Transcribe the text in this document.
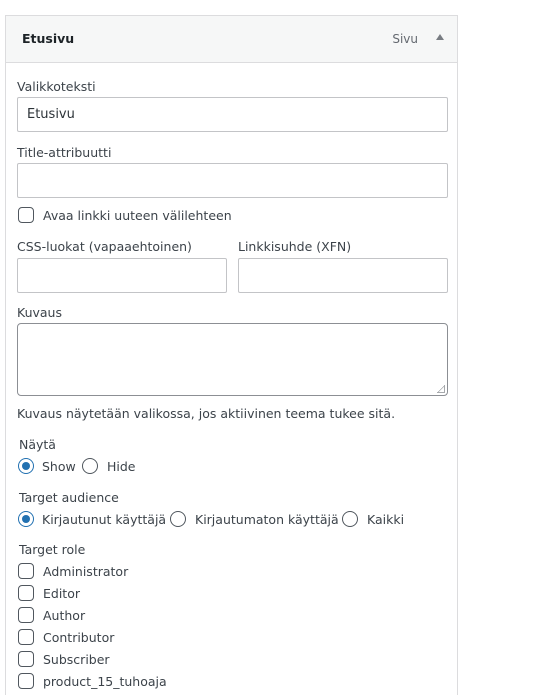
Etusivu	Sivu
Valikkoteksti
Etusivu
Title-attribuutti
Avaa linkki uuteen välilehteen
CSS-luokat (vapaaehtoinen)	Linkkisuhde (XFN)
Kuvaus
Kuvaus näytetään valikossa, jos aktiivinen teema tukee sitä.
Näytä
Show	Hide
Target audience
Kirjautunut käyttäjä Kirjautumaton käyttäjä Kaikki
Target role
Administrator
Editor
Author
Contributor
Subscriber
product_15_tuhoaja
